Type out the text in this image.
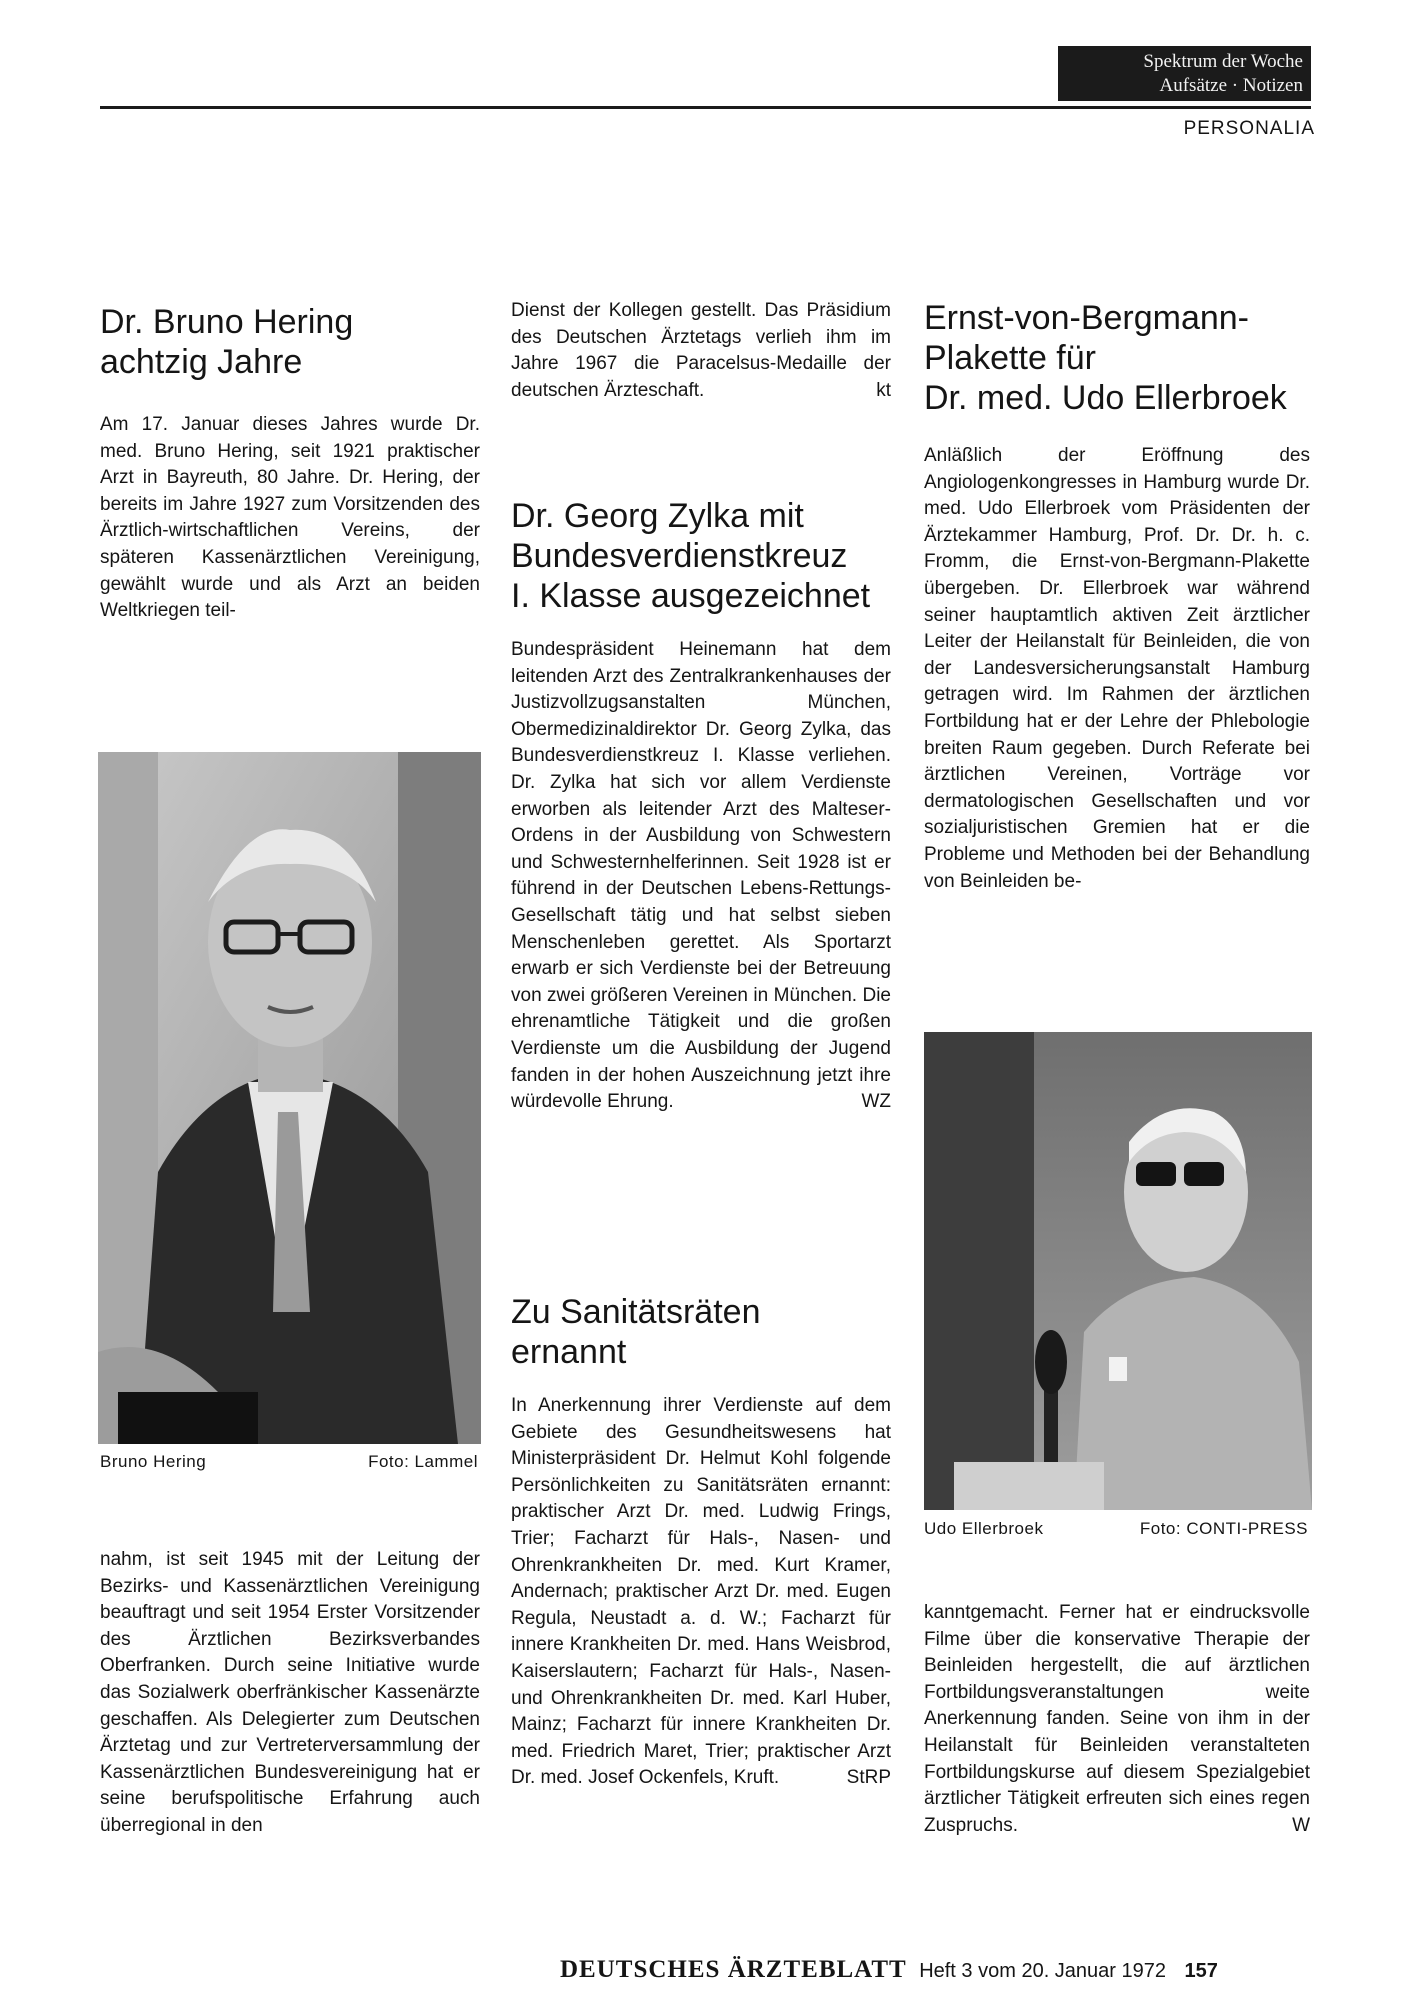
Spektrum der Woche
Aufsätze · Notizen
PERSONALIA
Dr. Bruno Hering
achtzig Jahre

Am 17. Januar dieses Jahres wurde Dr. med. Bruno Hering, seit 1921 praktischer Arzt in Bayreuth, 80 Jahre. Dr. Hering, der bereits im Jahre 1927 zum Vorsitzenden des Ärztlich-wirtschaftlichen Vereins, der späteren Kassenärztlichen Vereinigung, gewählt wurde und als Arzt an beiden Weltkriegen teil-

Bruno Hering	Foto: Lammel

nahm, ist seit 1945 mit der Leitung der Bezirks- und Kassenärztlichen Vereinigung beauftragt und seit 1954 Erster Vorsitzender des Ärztlichen Bezirksverbandes Oberfranken. Durch seine Initiative wurde das Sozialwerk oberfränkischer Kassenärzte geschaffen. Als Delegierter zum Deutschen Ärztetag und zur Vertreterversammlung der Kassenärztlichen Bundesvereinigung hat er seine berufspolitische Erfahrung auch überregional in den

Dienst der Kollegen gestellt. Das Präsidium des Deutschen Ärztetags verlieh ihm im Jahre 1967 die Paracelsus-Medaille der deutschen Ärzteschaft.	kt

Dr. Georg Zylka mit
Bundesverdienstkreuz
I. Klasse ausgezeichnet

Bundespräsident Heinemann hat dem leitenden Arzt des Zentralkrankenhauses der Justizvollzugsanstalten München, Obermedizinaldirektor Dr. Georg Zylka, das Bundesverdienstkreuz I. Klasse verliehen. Dr. Zylka hat sich vor allem Verdienste erworben als leitender Arzt des Malteser-Ordens in der Ausbildung von Schwestern und Schwesternhelferinnen. Seit 1928 ist er führend in der Deutschen Lebens-Rettungs-Gesellschaft tätig und hat selbst sieben Menschenleben gerettet. Als Sportarzt erwarb er sich Verdienste bei der Betreuung von zwei größeren Vereinen in München. Die ehrenamtliche Tätigkeit und die großen Verdienste um die Ausbildung der Jugend fanden in der hohen Auszeichnung jetzt ihre würdevolle Ehrung.	WZ

Zu Sanitätsräten
ernannt

In Anerkennung ihrer Verdienste auf dem Gebiete des Gesundheitswesens hat Ministerpräsident Dr. Helmut Kohl folgende Persönlichkeiten zu Sanitätsräten ernannt: praktischer Arzt Dr. med. Ludwig Frings, Trier; Facharzt für Hals-, Nasen- und Ohrenkrankheiten Dr. med. Kurt Kramer, Andernach; praktischer Arzt Dr. med. Eugen Regula, Neustadt a. d. W.; Facharzt für innere Krankheiten Dr. med. Hans Weisbrod, Kaiserslautern; Facharzt für Hals-, Nasen- und Ohrenkrankheiten Dr. med. Karl Huber, Mainz; Facharzt für innere Krankheiten Dr. med. Friedrich Maret, Trier; praktischer Arzt Dr. med. Josef Ockenfels, Kruft.	StRP

Ernst-von-Bergmann-
Plakette für
Dr. med. Udo Ellerbroek

Anläßlich der Eröffnung des Angiologenkongresses in Hamburg wurde Dr. med. Udo Ellerbroek vom Präsidenten der Ärztekammer Hamburg, Prof. Dr. Dr. h. c. Fromm, die Ernst-von-Bergmann-Plakette übergeben. Dr. Ellerbroek war während seiner hauptamtlich aktiven Zeit ärztlicher Leiter der Heilanstalt für Beinleiden, die von der Landesversicherungsanstalt Hamburg getragen wird. Im Rahmen der ärztlichen Fortbildung hat er der Lehre der Phlebologie breiten Raum gegeben. Durch Referate bei ärztlichen Vereinen, Vorträge vor dermatologischen Gesellschaften und vor sozialjuristischen Gremien hat er die Probleme und Methoden bei der Behandlung von Beinleiden be-

Udo Ellerbroek	Foto: CONTI-PRESS

kanntgemacht. Ferner hat er eindrucksvolle Filme über die konservative Therapie der Beinleiden hergestellt, die auf ärztlichen Fortbildungsveranstaltungen weite Anerkennung fanden. Seine von ihm in der Heilanstalt für Beinleiden veranstalteten Fortbildungskurse auf diesem Spezialgebiet ärztlicher Tätigkeit erfreuten sich eines regen Zuspruchs.	W

DEUTSCHES ÄRZTEBLATT Heft 3 vom 20. Januar 1972 157
